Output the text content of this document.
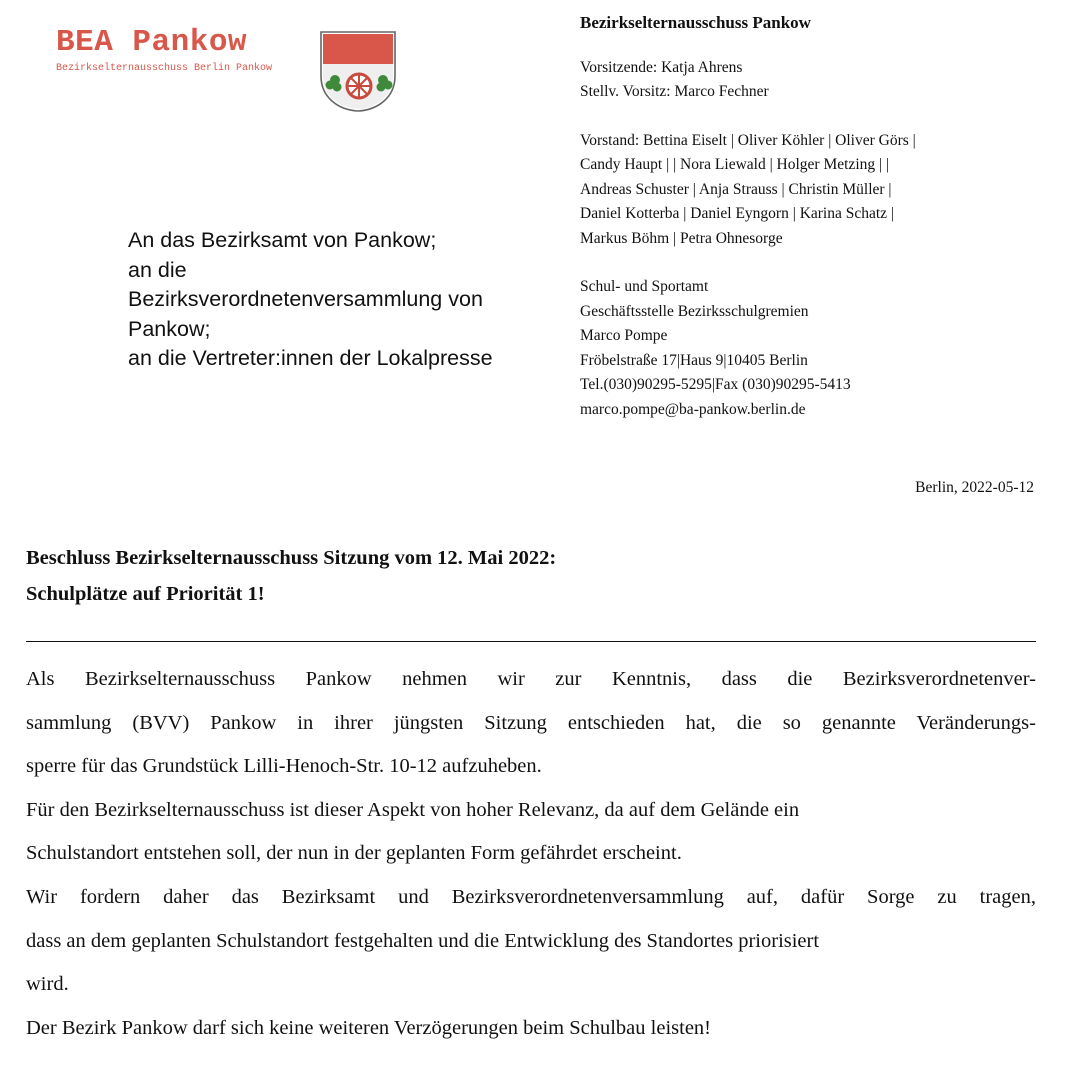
BEA Pankow
Bezirkselternausschuss Berlin Pankow
An das Bezirksamt von Pankow;
an die
Bezirksverordnetenversammlung von
Pankow;
an die Vertreter:innen der Lokalpresse
Bezirkselternausschuss Pankow
Vorsitzende: Katja Ahrens
Stellv. Vorsitz: Marco Fechner
Vorstand: Bettina Eiselt | Oliver Köhler | Oliver Görs |
Candy Haupt | | Nora Liewald | Holger Metzing | |
Andreas Schuster | Anja Strauss | Christin Müller |
Daniel Kotterba | Daniel Eyngorn | Karina Schatz |
Markus Böhm | Petra Ohnesorge
Schul- und Sportamt
Geschäftsstelle Bezirksschulgremien
Marco Pompe
Fröbelstraße 17|Haus 9|10405 Berlin
Tel.(030)90295-5295|Fax (030)90295-5413
marco.pompe@ba-pankow.berlin.de
Berlin, 2022-05-12
Beschluss Bezirkselternausschuss Sitzung vom 12. Mai 2022:
Schulplätze auf Priorität 1!
Als Bezirkselternausschuss Pankow nehmen wir zur Kenntnis, dass die Bezirksverordnetenver-
sammlung (BVV) Pankow in ihrer jüngsten Sitzung entschieden hat, die so genannte Veränderungs-
sperre für das Grundstück Lilli-Henoch-Str. 10-12 aufzuheben.
Für den Bezirkselternausschuss ist dieser Aspekt von hoher Relevanz, da auf dem Gelände ein
Schulstandort entstehen soll, der nun in der geplanten Form gefährdet erscheint.
Wir fordern daher das Bezirksamt und Bezirksverordnetenversammlung auf, dafür Sorge zu tragen,
dass an dem geplanten Schulstandort festgehalten und die Entwicklung des Standortes priorisiert
wird.
Der Bezirk Pankow darf sich keine weiteren Verzögerungen beim Schulbau leisten!
